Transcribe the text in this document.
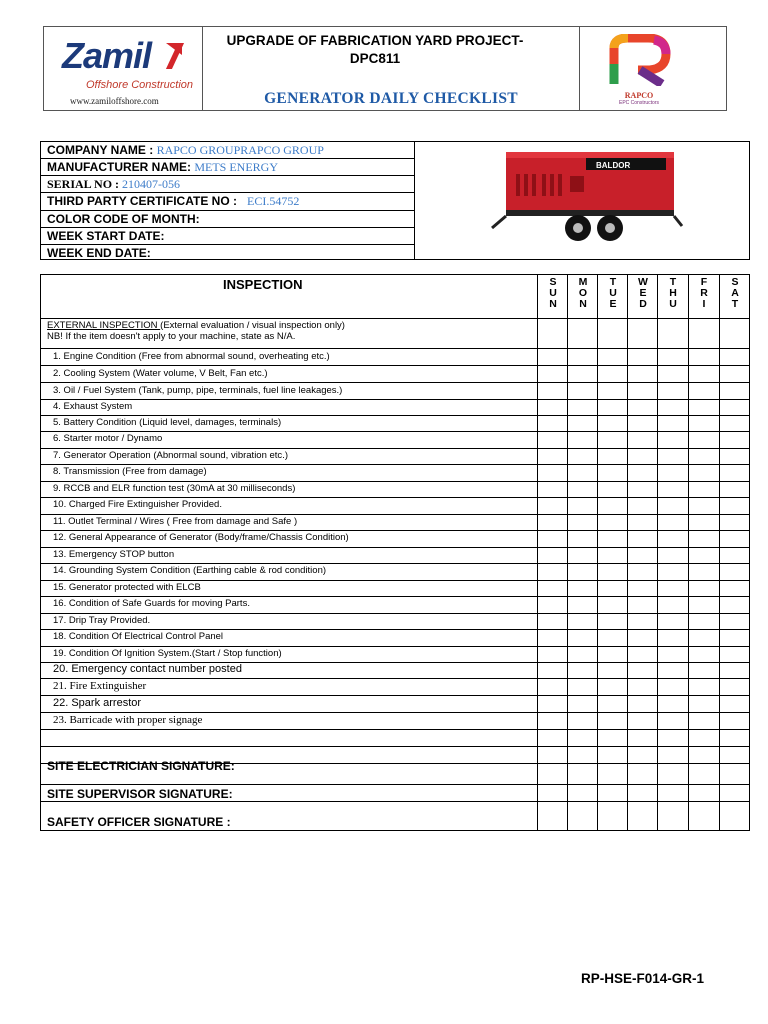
Zamil
Offshore Construction
www.zamiloffshore.com
UPGRADE OF FABRICATION YARD PROJECT-
DPC811
GENERATOR DAILY CHECKLIST	RAPCO
EPC Constructors
COMPANY NAME : RAPCO GROUPRAPCO GROUP
MANUFACTURER NAME: METS ENERGY
SERIAL NO : 210407-056
THIRD PARTY CERTIFICATE NO : ECI.54752
COLOR CODE OF MONTH:
WEEK START DATE:
WEEK END DATE:
BALDOR
INSPECTION	S
U
N
M
O
N
T
U
E
W
E
D
T
H
U
F
R
I
S
A
T
EXTERNAL INSPECTION (External evaluation / visual inspection only)
NB! If the item doesn't apply to your machine, state as N/A.
1. Engine Condition (Free from abnormal sound, overheating etc.)
2. Cooling System (Water volume, V Belt, Fan etc.)
3. Oil / Fuel System (Tank, pump, pipe, terminals, fuel line leakages.)
4. Exhaust System
5. Battery Condition (Liquid level, damages, terminals)
6. Starter motor / Dynamo
7. Generator Operation (Abnormal sound, vibration etc.)
8. Transmission (Free from damage)
9. RCCB and ELR function test (30mA at 30 milliseconds)
10. Charged Fire Extinguisher Provided.
11. Outlet Terminal / Wires ( Free from damage and Safe )
12. General Appearance of Generator (Body/frame/Chassis Condition)
13. Emergency STOP button
14. Grounding System Condition (Earthing cable & rod condition)
15. Generator protected with ELCB
16. Condition of Safe Guards for moving Parts.
17. Drip Tray Provided.
18. Condition Of Electrical Control Panel
19. Condition Of Ignition System.(Start / Stop function)
20. Emergency contact number posted
21. Fire Extinguisher
22. Spark arrestor
23. Barricade with proper signage
SITE ELECTRICIAN SIGNATURE:
SITE SUPERVISOR SIGNATURE:
SAFETY OFFICER SIGNATURE :
RP-HSE-F014-GR-1
